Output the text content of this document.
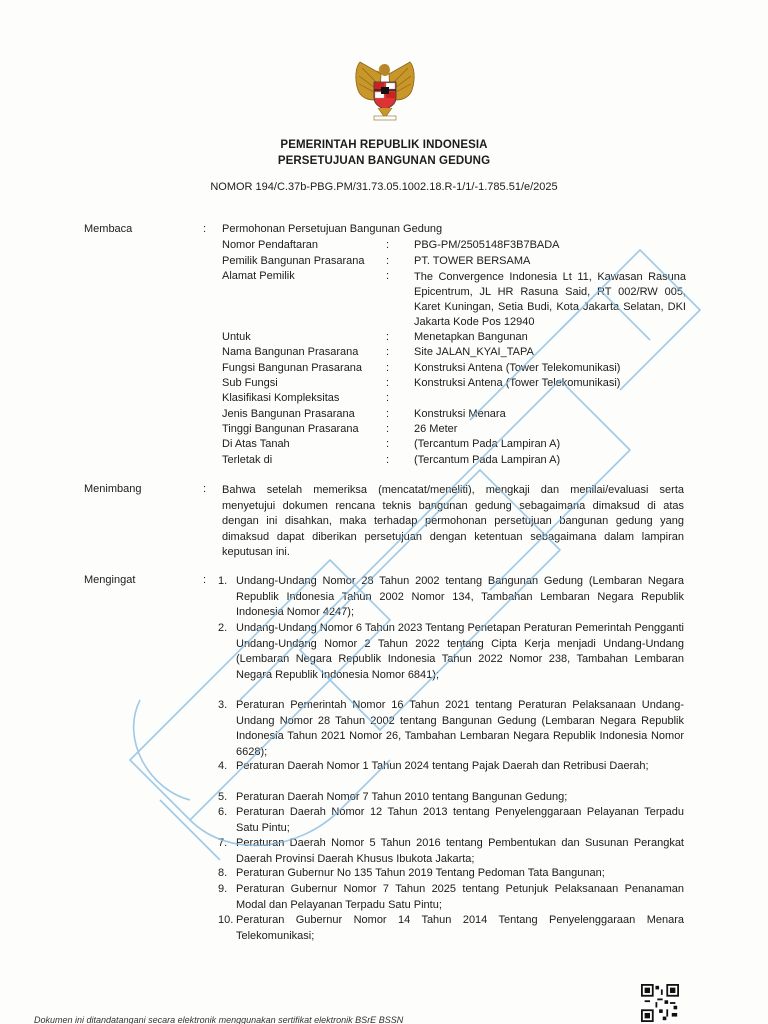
PEMERINTAH REPUBLIK INDONESIA
PERSETUJUAN BANGUNAN GEDUNG
NOMOR 194/C.37b-PBG.PM/31.73.05.1002.18.R-1/1/-1.785.51/e/2025
Membaca	: Permohonan Persetujuan Bangunan Gedung
Nomor Pendaftaran	: PBG-PM/2505148F3B7BADA
Pemilik Bangunan Prasarana : PT. TOWER BERSAMA
Alamat Pemilik	: The Convergence Indonesia Lt 11, Kawasan Rasuna Epicentrum, JL HR Rasuna Said, RT 002/RW 005, Karet Kuningan, Setia Budi, Kota Jakarta Selatan, DKI Jakarta Kode Pos 12940
Untuk	: Menetapkan Bangunan
Nama Bangunan Prasarana	: Site JALAN_KYAI_TAPA
Fungsi Bangunan Prasarana : Konstruksi Antena (Tower Telekomunikasi)
Sub Fungsi	: Konstruksi Antena (Tower Telekomunikasi)
Klasifikasi Kompleksitas	:
Jenis Bangunan Prasarana	: Konstruksi Menara
Tinggi Bangunan Prasarana : 26 Meter
Di Atas Tanah	: (Tercantum Pada Lampiran A)
Terletak di	: (Tercantum Pada Lampiran A)
Menimbang	: Bahwa setelah memeriksa (mencatat/meneliti), mengkaji dan menilai/evaluasi serta menyetujui dokumen rencana teknis bangunan gedung sebagaimana dimaksud di atas dengan ini disahkan, maka terhadap permohonan persetujuan bangunan gedung yang dimaksud dapat diberikan persetujuan dengan ketentuan sebagaimana dalam lampiran keputusan ini.
Mengingat	: 1. Undang-Undang Nomor 28 Tahun 2002 tentang Bangunan Gedung (Lembaran Negara Republik Indonesia Tahun 2002 Nomor 134, Tambahan Lembaran Negara Republik Indonesia Nomor 4247);
2. Undang-Undang Nomor 6 Tahun 2023 Tentang Penetapan Peraturan Pemerintah Pengganti Undang-Undang Nomor 2 Tahun 2022 tentang Cipta Kerja menjadi Undang-Undang (Lembaran Negara Republik Indonesia Tahun 2022 Nomor 238, Tambahan Lembaran Negara Republik Indonesia Nomor 6841);
3. Peraturan Pemerintah Nomor 16 Tahun 2021 tentang Peraturan Pelaksanaan Undang-Undang Nomor 28 Tahun 2002 tentang Bangunan Gedung (Lembaran Negara Republik Indonesia Tahun 2021 Nomor 26, Tambahan Lembaran Negara Republik Indonesia Nomor 6628);
4. Peraturan Daerah Nomor 1 Tahun 2024 tentang Pajak Daerah dan Retribusi Daerah;
5. Peraturan Daerah Nomor 7 Tahun 2010 tentang Bangunan Gedung;
6. Peraturan Daerah Nomor 12 Tahun 2013 tentang Penyelenggaraan Pelayanan Terpadu Satu Pintu;
7. Peraturan Daerah Nomor 5 Tahun 2016 tentang Pembentukan dan Susunan Perangkat Daerah Provinsi Daerah Khusus Ibukota Jakarta;
8. Peraturan Gubernur No 135 Tahun 2019 Tentang Pedoman Tata Bangunan;
9. Peraturan Gubernur Nomor 7 Tahun 2025 tentang Petunjuk Pelaksanaan Penanaman Modal dan Pelayanan Terpadu Satu Pintu;
10. Peraturan Gubernur Nomor 14 Tahun 2014 Tentang Penyelenggaraan Menara Telekomunikasi;
Dokumen ini ditandatangani secara elektronik menggunakan sertifikat elektronik BSrE BSSN
